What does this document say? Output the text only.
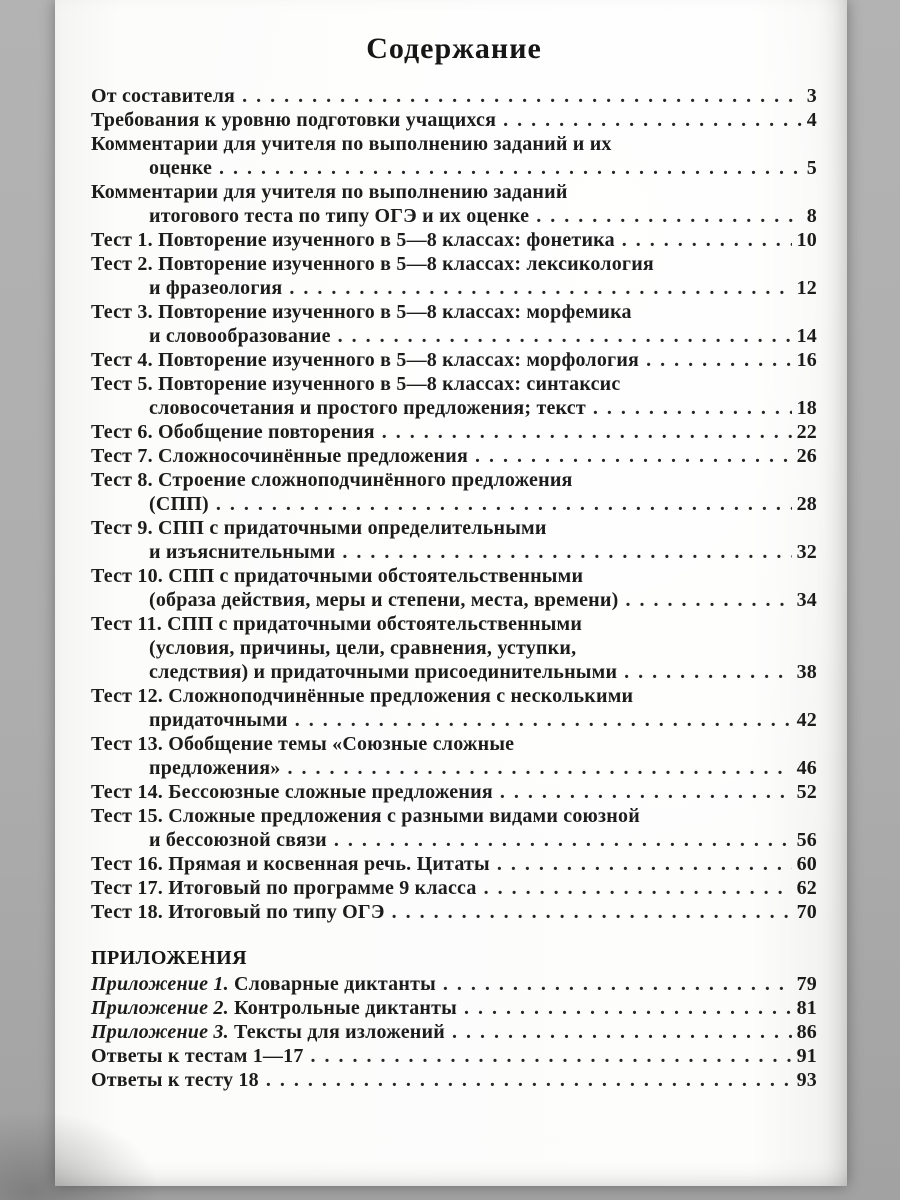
Содержание
От составителя . . .	3
Требования к уровню подготовки учащихся . . .	4
Комментарии для учителя по выполнению заданий и их
оценке . . .	5
Комментарии для учителя по выполнению заданий
итогового теста по типу ОГЭ и их оценке . . .	8
Тест 1. Повторение изученного в 5—8 классах: фонетика . . .	10
Тест 2. Повторение изученного в 5—8 классах: лексикология
и фразеология . . .	12
Тест 3. Повторение изученного в 5—8 классах: морфемика
и словообразование . . .	14
Тест 4. Повторение изученного в 5—8 классах: морфология . . .	16
Тест 5. Повторение изученного в 5—8 классах: синтаксис
словосочетания и простого предложения; текст . . .	18
Тест 6. Обобщение повторения . . .	22
Тест 7. Сложносочинённые предложения . . .	26
Тест 8. Строение сложноподчинённого предложения
(СПП) . . .	28
Тест 9. СПП с придаточными определительными
и изъяснительными . . .	32
Тест 10. СПП с придаточными обстоятельственными
(образа действия, меры и степени, места, времени) . . .	34
Тест 11. СПП с придаточными обстоятельственными
(условия, причины, цели, сравнения, уступки,
следствия) и придаточными присоединительными . . .	38
Тест 12. Сложноподчинённые предложения с несколькими
придаточными . . .	42
Тест 13. Обобщение темы «Союзные сложные
предложения» . . .	46
Тест 14. Бессоюзные сложные предложения . . .	52
Тест 15. Сложные предложения с разными видами союзной
и бессоюзной связи . . .	56
Тест 16. Прямая и косвенная речь. Цитаты . . .	60
Тест 17. Итоговый по программе 9 класса . . .	62
Тест 18. Итоговый по типу ОГЭ . . .	70
ПРИЛОЖЕНИЯ
Приложение 1. Словарные диктанты . . .	79
Приложение 2. Контрольные диктанты . . .	81
Приложение 3. Тексты для изложений . . .	86
Ответы к тестам 1—17 . . .	91
Ответы к тесту 18 . . .	93
